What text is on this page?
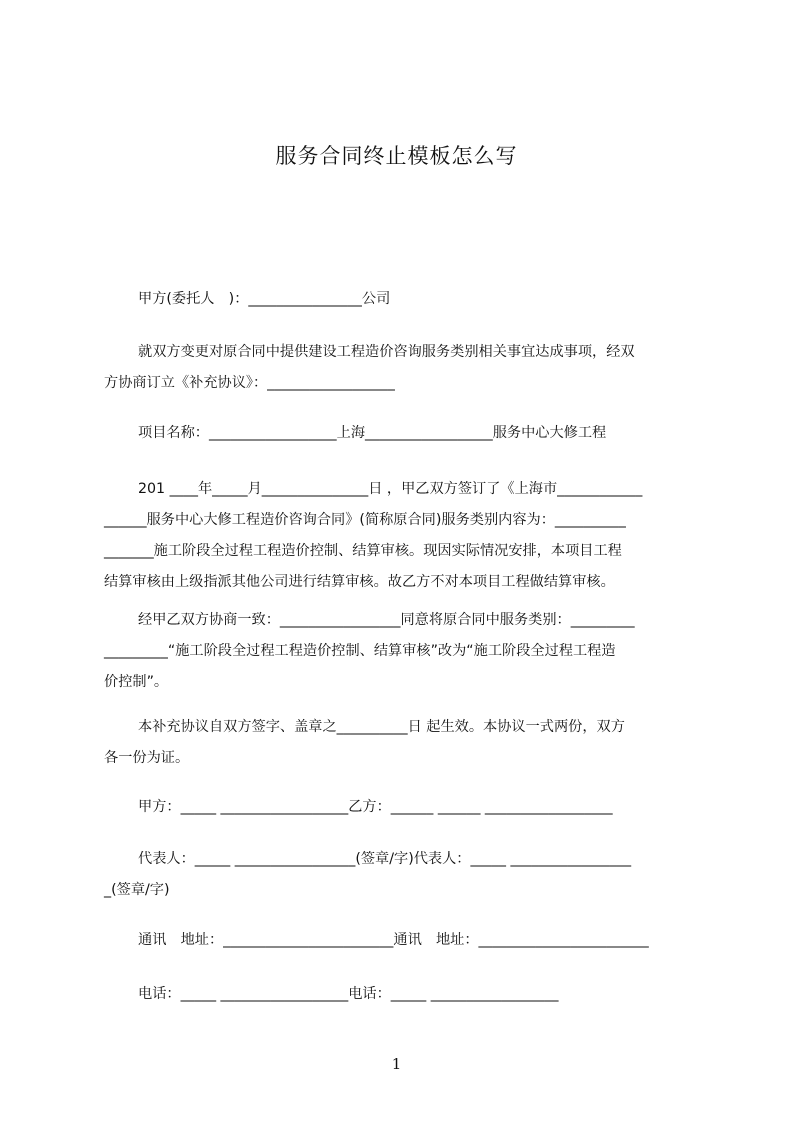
服务合同终止模板怎么写
甲方(委托人　)：________________公司
就双方变更对原合同中提供建设工程造价咨询服务类别相关事宜达成事项，经双
方协商订立《补充协议》：__________________
项目名称：__________________上海__________________服务中心大修工程
201 ____年_____月_______________日 ，甲乙双方签订了《上海市____________
______服务中心大修工程造价咨询合同》(简称原合同)服务类别内容为：__________
_______施工阶段全过程工程造价控制、结算审核。现因实际情况安排，本项目工程
结算审核由上级指派其他公司进行结算审核。故乙方不对本项目工程做结算审核。
经甲乙双方协商一致：_________________同意将原合同中服务类别：_________
_________“施工阶段全过程工程造价控制、结算审核”改为“施工阶段全过程工程造
价控制”。
本补充协议自双方签字、盖章之__________日 起生效。本协议一式两份，双方
各一份为证。
甲方：_____ __________________乙方：______ ______ __________________
代表人：_____ _________________(签章/字)代表人：_____ _________________
_(签章/字)
通讯　地址：________________________通讯　地址：________________________
电话：_____ __________________电话：_____ __________________
1
